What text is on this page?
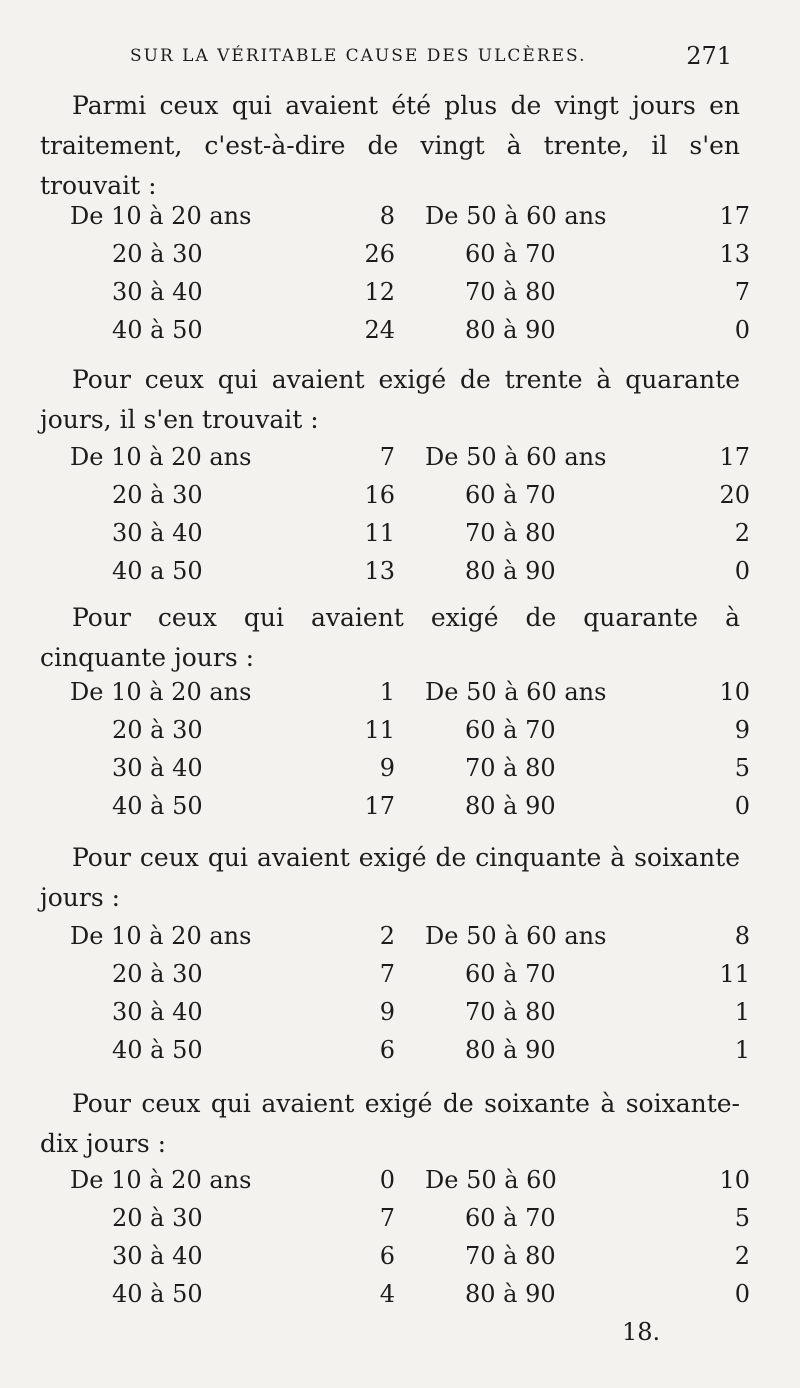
SUR LA VÉRITABLE CAUSE DES ULCÈRES.	271

Parmi ceux qui avaient été plus de vingt jours en traitement, c'est-à-dire de vingt à trente, il s'en trouvait :

De 10 à 20 ans	8 De 50 à 60 ans	17
20 à 30	26	60 à 70	13
30 à 40	12	70 à 80	7
40 à 50	24	80 à 90	0

Pour ceux qui avaient exigé de trente à quarante jours, il s'en trouvait :

De 10 à 20 ans	7 De 50 à 60 ans	17
20 à 30	16	60 à 70	20
30 à 40	11	70 à 80	2
40 a 50	13	80 à 90	0

Pour ceux qui avaient exigé de quarante à cinquante jours :

De 10 à 20 ans	1 De 50 à 60 ans	10
20 à 30	11	60 à 70	9
30 à 40	9	70 à 80	5
40 à 50	17	80 à 90	0

Pour ceux qui avaient exigé de cinquante à soixante jours :

De 10 à 20 ans	2 De 50 à 60 ans	8
20 à 30	7	60 à 70	11
30 à 40	9	70 à 80	1
40 à 50	6	80 à 90	1

Pour ceux qui avaient exigé de soixante à soixante-dix jours :

De 10 à 20 ans	0 De 50 à 60	10
20 à 30	7	60 à 70	5
30 à 40	6	70 à 80	2
40 à 50	4	80 à 90	0
18.
